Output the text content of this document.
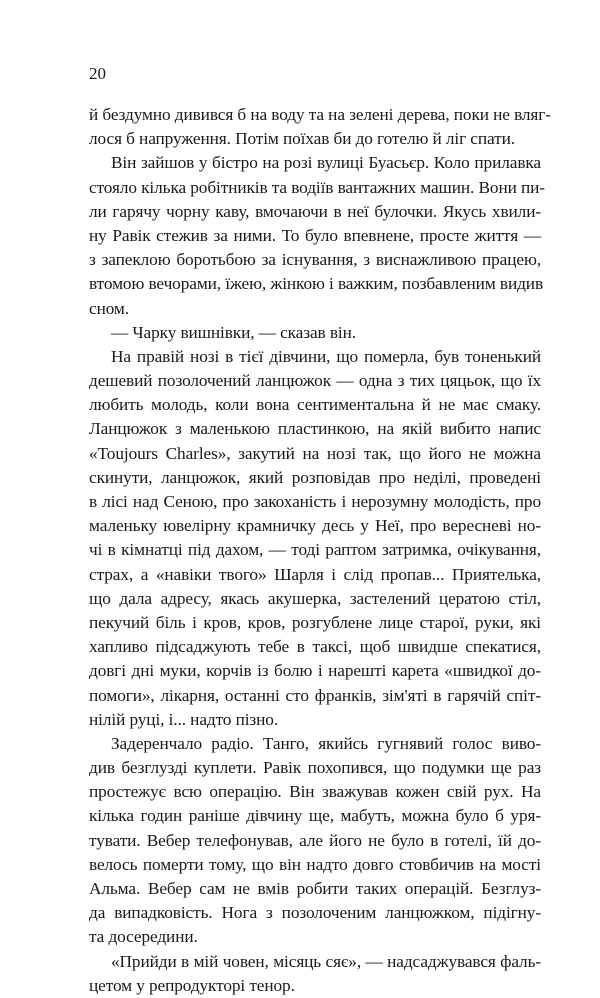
20
й бездумно дивився б на воду та на зелені дерева, поки не вляг-
лося б напруження. Потім поїхав би до готелю й ліг спати.
Він зайшов у бістро на розі вулиці Буасьєр. Коло прилавка
стояло кілька робітників та водіїв вантажних машин. Вони пи-
ли гарячу чорну каву, вмочаючи в неї булочки. Якусь хвили-
ну Равік стежив за ними. То було впевнене, просте життя —
з запеклою боротьбою за існування, з виснажливою працею,
втомою вечорами, їжею, жінкою і важким, позбавленим видив
сном.
— Чарку вишнівки, — сказав він.
На правій нозі в тієї дівчини, що померла, був тоненький
дешевий позолочений ланцюжок — одна з тих цяцьок, що їх
любить молодь, коли вона сентиментальна й не має смаку.
Ланцюжок з маленькою пластинкою, на якій вибито напис
«Toujours Charles», закутий на нозі так, що його не можна
скинути, ланцюжок, який розповідав про неділі, проведені
в лісі над Сеною, про закоханість і нерозумну молодість, про
маленьку ювелірну крамничку десь у Неї, про вересневі но-
чі в кімнатці під дахом, — тоді раптом затримка, очікування,
страх, а «навіки твого» Шарля і слід пропав... Приятелька,
що дала адресу, якась акушерка, застелений цератою стіл,
пекучий біль і кров, кров, розгублене лице старої, руки, які
хапливо підсаджують тебе в таксі, щоб швидше спекатися,
довгі дні муки, корчів із болю і нарешті карета «швидкої до-
помоги», лікарня, останні сто франків, зім'яті в гарячій спіт-
нілій руці, і... надто пізно.
Задеренчало радіо. Танго, якийсь гугнявий голос виво-
див безглузді куплети. Равік похопився, що подумки ще раз
простежує всю операцію. Він зважував кожен свій рух. На
кілька годин раніше дівчину ще, мабуть, можна було б уря-
тувати. Вебер телефонував, але його не було в готелі, їй до-
велось померти тому, що він надто довго стовбичив на мості
Альма. Вебер сам не вмів робити таких операцій. Безглуз-
да випадковість. Нога з позолоченим ланцюжком, підігну-
та досередини.
«Прийди в мій човен, місяць сяє», — надсаджувався фаль-
цетом у репродукторі тенор.
